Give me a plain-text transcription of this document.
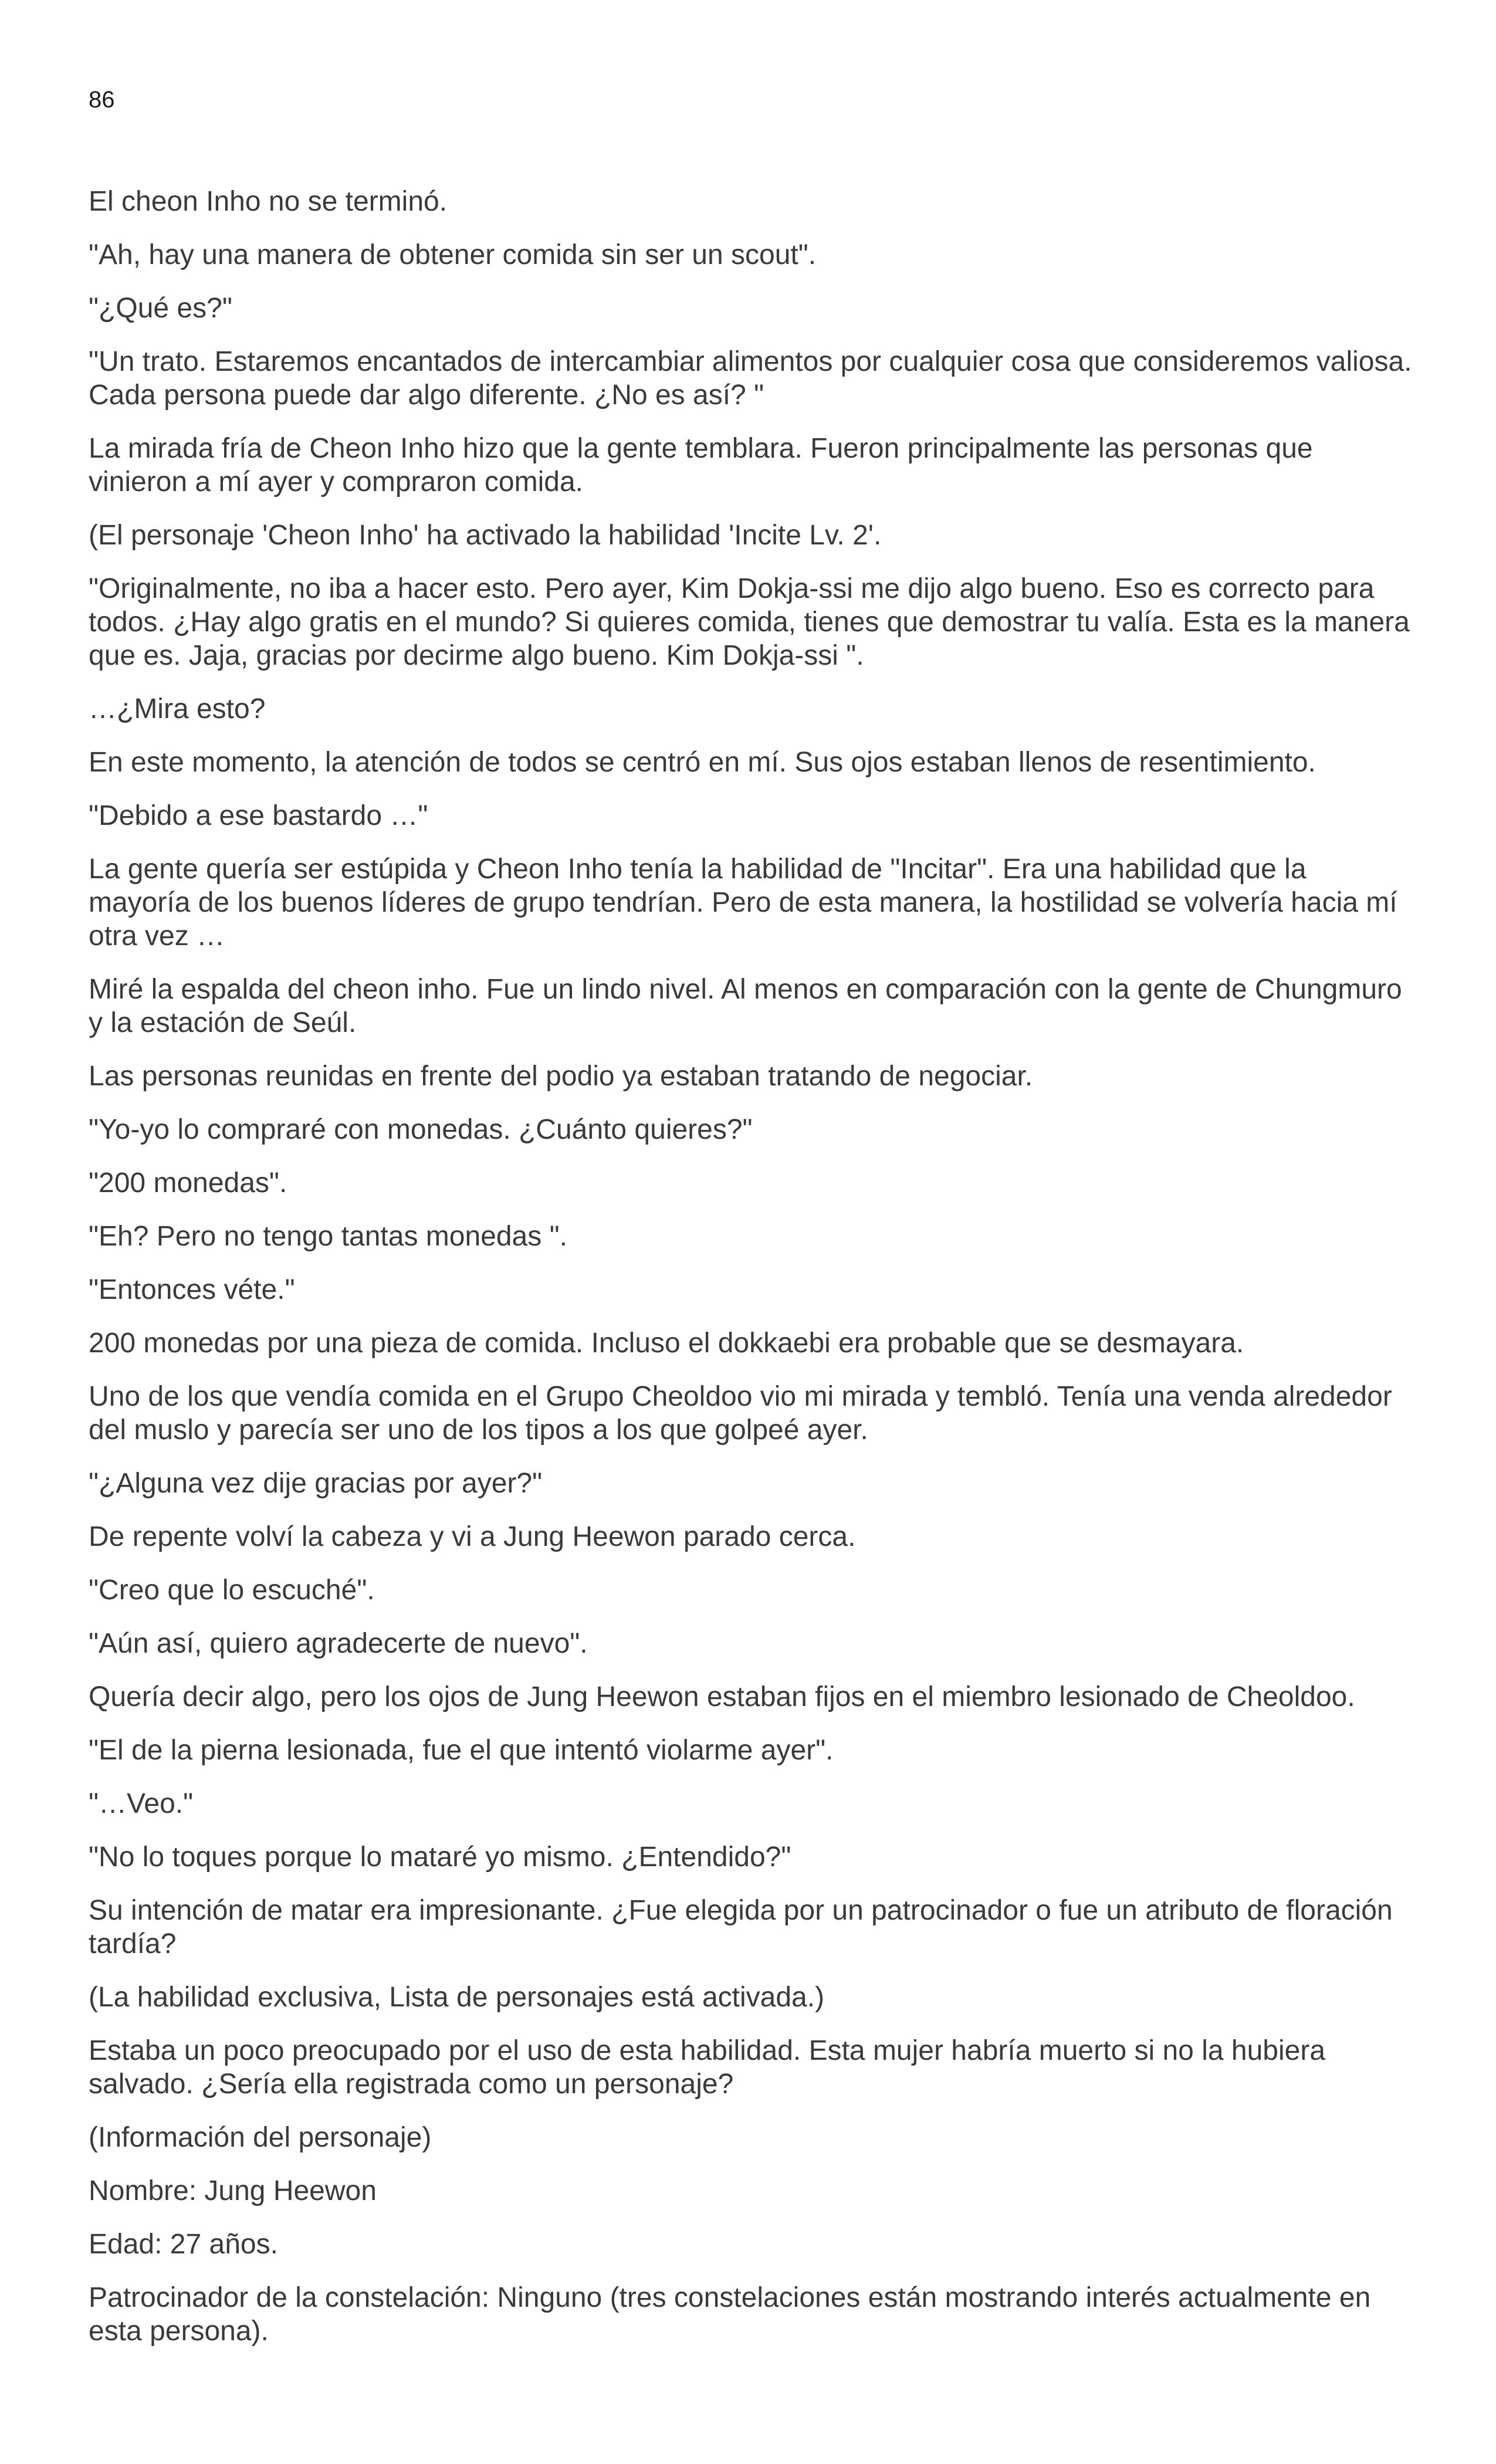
86

El cheon Inho no se terminó.

"Ah, hay una manera de obtener comida sin ser un scout".

"¿Qué es?"

"Un trato. Estaremos encantados de intercambiar alimentos por cualquier cosa que consideremos valiosa. Cada persona puede dar algo diferente. ¿No es así? "

La mirada fría de Cheon Inho hizo que la gente temblara. Fueron principalmente las personas que vinieron a mí ayer y compraron comida.

(El personaje 'Cheon Inho' ha activado la habilidad 'Incite Lv. 2'.

"Originalmente, no iba a hacer esto. Pero ayer, Kim Dokja-ssi me dijo algo bueno. Eso es correcto para todos. ¿Hay algo gratis en el mundo? Si quieres comida, tienes que demostrar tu valía. Esta es la manera que es. Jaja, gracias por decirme algo bueno. Kim Dokja-ssi ".

…¿Mira esto?

En este momento, la atención de todos se centró en mí. Sus ojos estaban llenos de resentimiento.

"Debido a ese bastardo …"

La gente quería ser estúpida y Cheon Inho tenía la habilidad de "Incitar". Era una habilidad que la mayoría de los buenos líderes de grupo tendrían. Pero de esta manera, la hostilidad se volvería hacia mí otra vez …

Miré la espalda del cheon inho. Fue un lindo nivel. Al menos en comparación con la gente de Chungmuro y la estación de Seúl.

Las personas reunidas en frente del podio ya estaban tratando de negociar.

"Yo-yo lo compraré con monedas. ¿Cuánto quieres?"

"200 monedas".

"Eh? Pero no tengo tantas monedas ".

"Entonces véte."

200 monedas por una pieza de comida. Incluso el dokkaebi era probable que se desmayara.

Uno de los que vendía comida en el Grupo Cheoldoo vio mi mirada y tembló. Tenía una venda alrededor del muslo y parecía ser uno de los tipos a los que golpeé ayer.

"¿Alguna vez dije gracias por ayer?"

De repente volví la cabeza y vi a Jung Heewon parado cerca.

"Creo que lo escuché".

"Aún así, quiero agradecerte de nuevo".

Quería decir algo, pero los ojos de Jung Heewon estaban fijos en el miembro lesionado de Cheoldoo.

"El de la pierna lesionada, fue el que intentó violarme ayer".

"…Veo."

"No lo toques porque lo mataré yo mismo. ¿Entendido?"

Su intención de matar era impresionante. ¿Fue elegida por un patrocinador o fue un atributo de floración tardía?

(La habilidad exclusiva, Lista de personajes está activada.)

Estaba un poco preocupado por el uso de esta habilidad. Esta mujer habría muerto si no la hubiera salvado. ¿Sería ella registrada como un personaje?

(Información del personaje)

Nombre: Jung Heewon

Edad: 27 años.

Patrocinador de la constelación: Ninguno (tres constelaciones están mostrando interés actualmente en esta persona).
